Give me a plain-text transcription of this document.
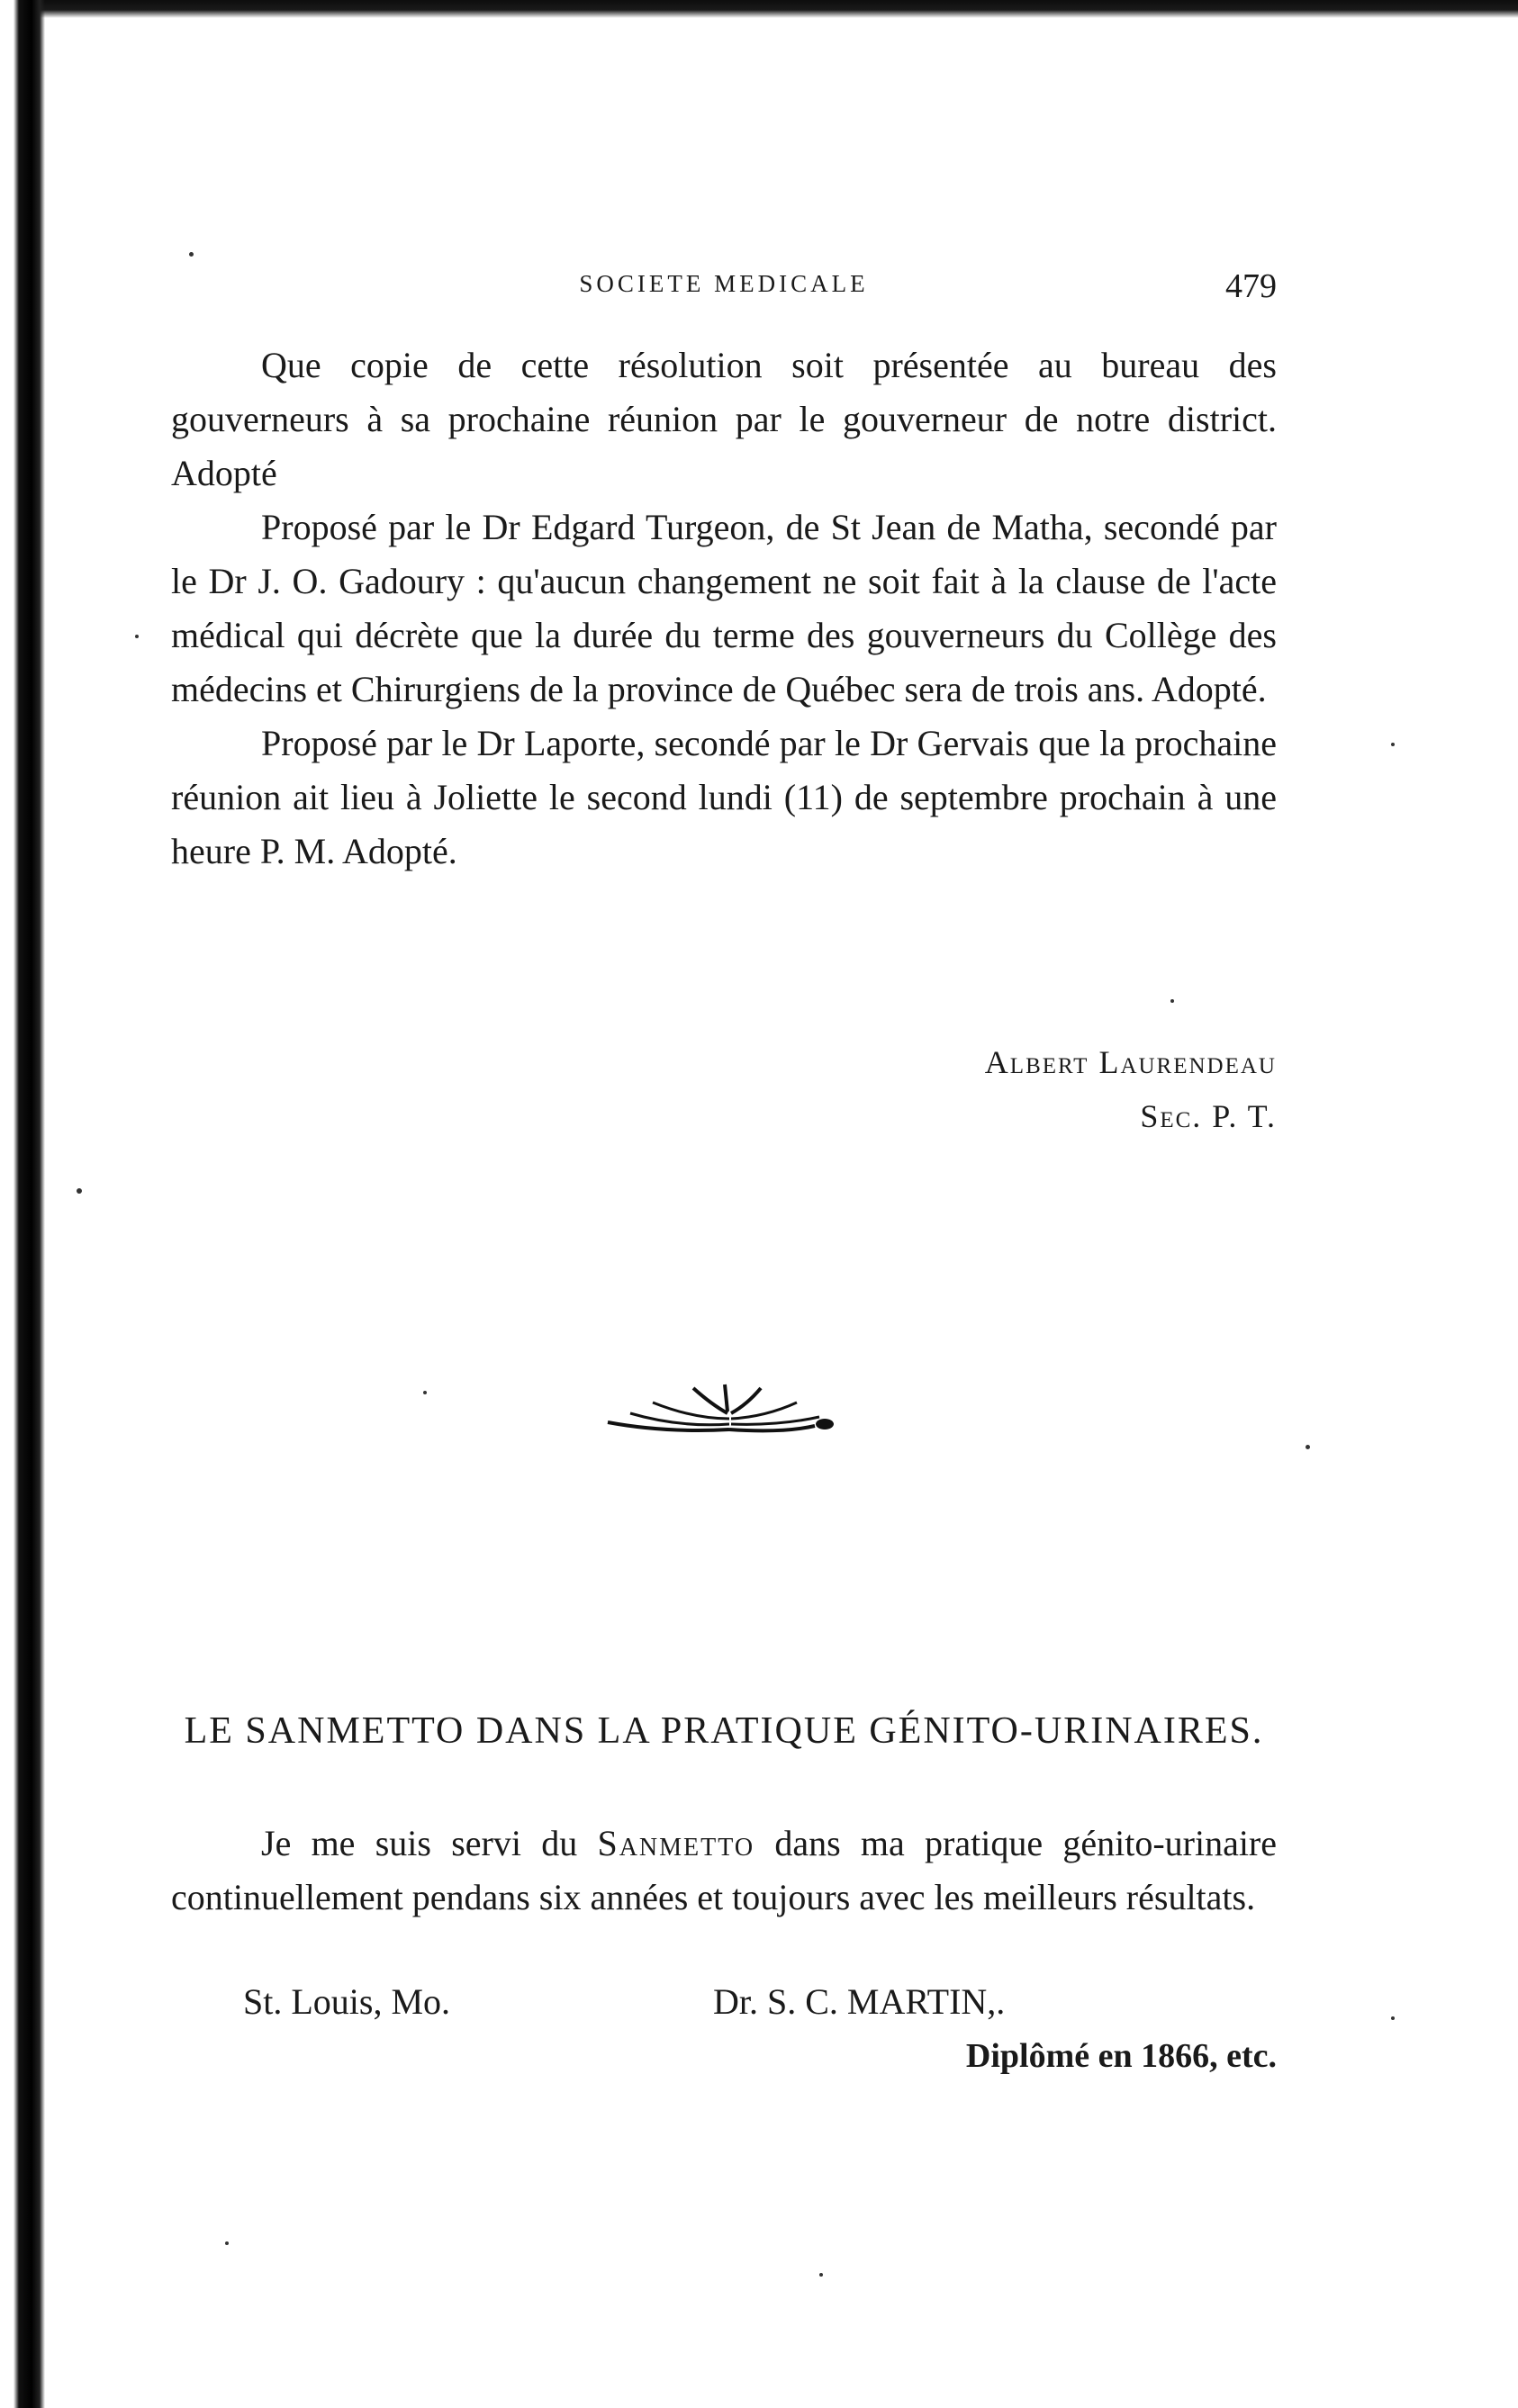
SOCIETE MEDICALE	479

Que copie de cette résolution soit présentée au bureau des gouverneurs à sa prochaine réunion par le gouverneur de notre district. Adopté

Proposé par le Dr Edgard Turgeon, de St Jean de Matha, secondé par le Dr J. O. Gadoury : qu'aucun changement ne soit fait à la clause de l'acte médical qui décrète que la durée du terme des gouverneurs du Collège des médecins et Chirurgiens de la province de Québec sera de trois ans. Adopté.

Proposé par le Dr Laporte, secondé par le Dr Gervais que la prochaine réunion ait lieu à Joliette le second lundi (11) de septembre prochain à une heure P. M. Adopté.

Albert Laurendeau
Sec. P. T.
LE SANMETTO DANS LA PRATIQUE GÉNITO-URINAIRES.

Je me suis servi du Sanmetto dans ma pratique génito-urinaire continuellement pendans six années et toujours avec les meilleurs résultats.

St. Louis, Mo.	Dr. S. C. MARTIN,.
Diplômé en 1866, etc.
